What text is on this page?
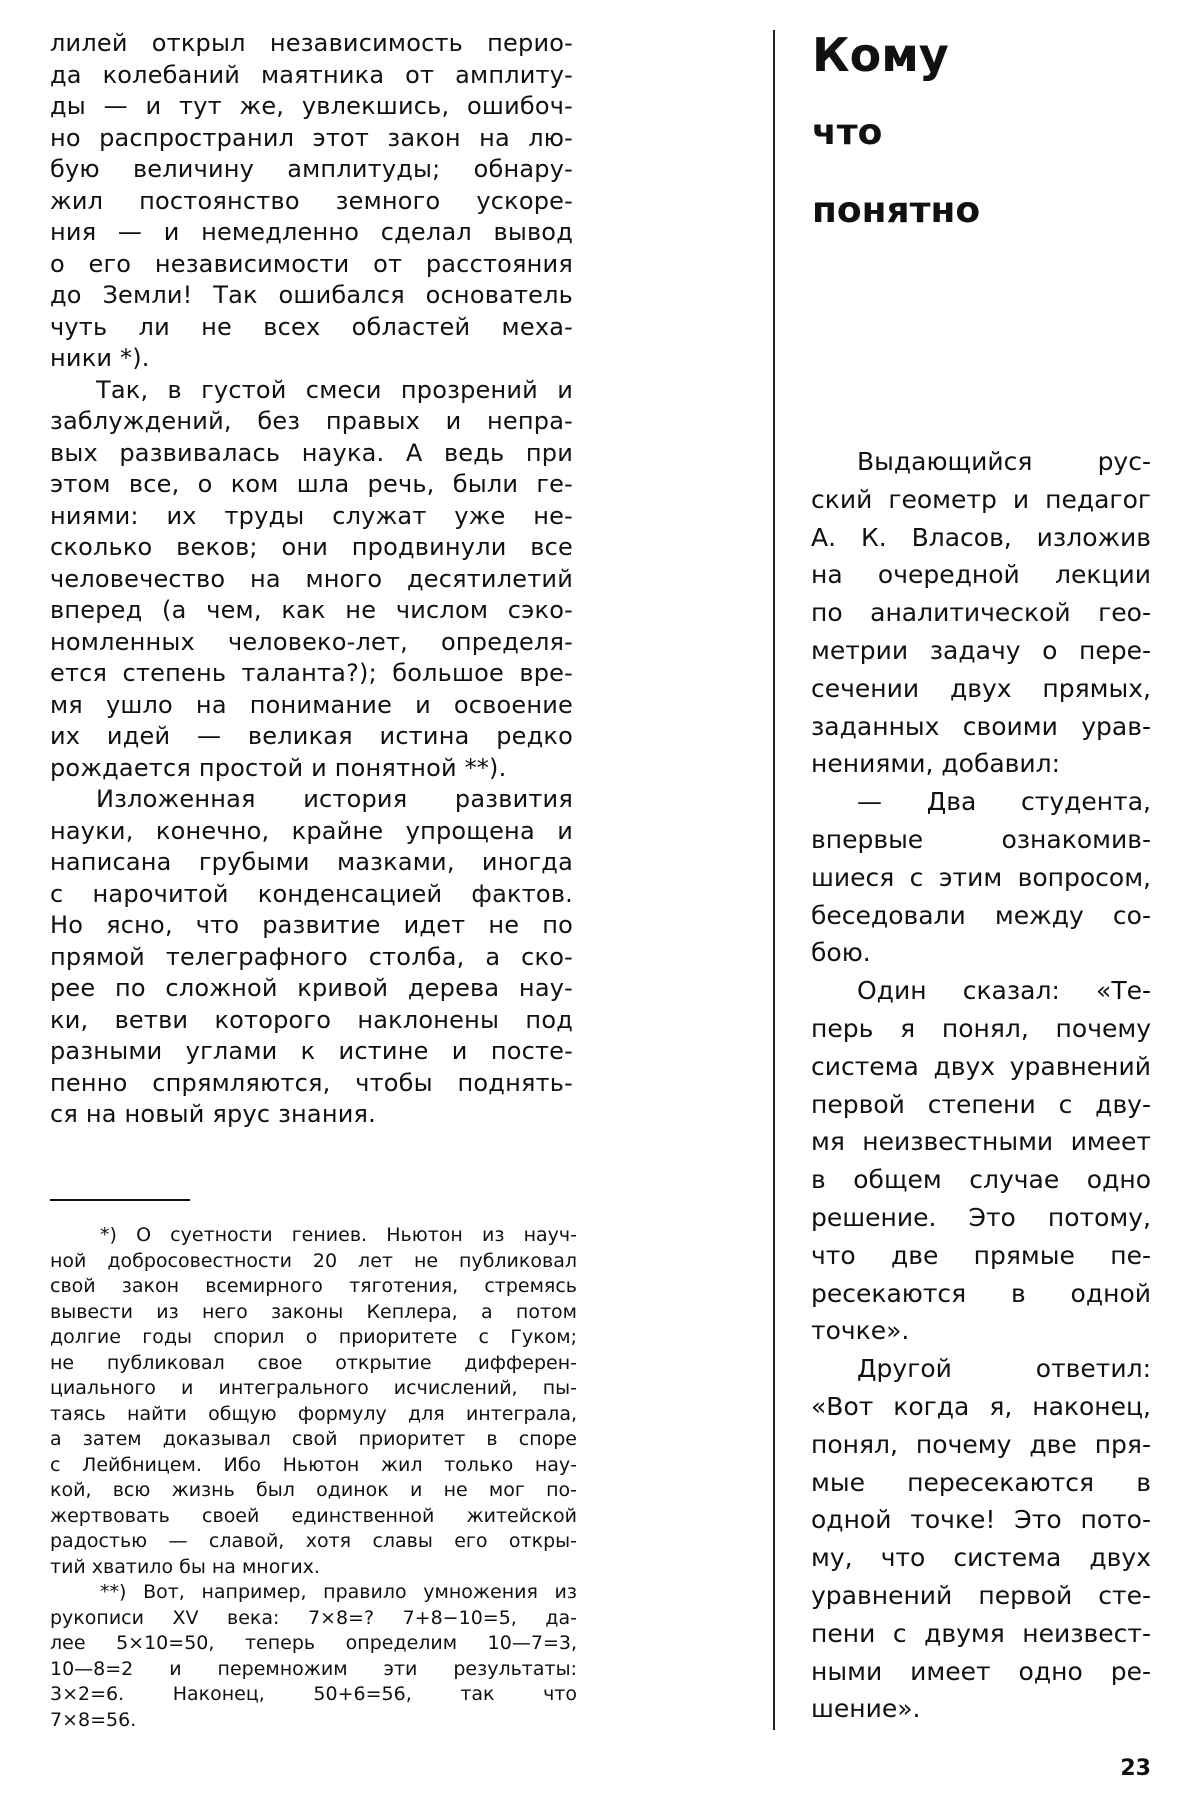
лилей открыл независимость перио-
да колебаний маятника от амплиту-
ды — и тут же, увлекшись, ошибоч-
но распространил этот закон на лю-
бую величину амплитуды; обнару-
жил постоянство земного ускоре-
ния — и немедленно сделал вывод
о его независимости от расстояния
до Земли! Так ошибался основатель
чуть ли не всех областей меха-
ники *).
Так, в густой смеси прозрений и
заблуждений, без правых и непра-
вых развивалась наука. А ведь при
этом все, о ком шла речь, были ге-
ниями: их труды служат уже не-
сколько веков; они продвинули все
человечество на много десятилетий
вперед (а чем, как не числом сэко-
номленных человеко-лет, определя-
ется степень таланта?); большое вре-
мя ушло на понимание и освоение
их идей — великая истина редко
рождается простой и понятной **).
Изложенная история развития
науки, конечно, крайне упрощена и
написана грубыми мазками, иногда
с нарочитой конденсацией фактов.
Но ясно, что развитие идет не по
прямой телеграфного столба, а ско-
рее по сложной кривой дерева нау-
ки, ветви которого наклонены под
разными углами к истине и посте-
пенно спрямляются, чтобы поднять-
ся на новый ярус знания.
*) О суетности гениев. Ньютон из науч-
ной добросовестности 20 лет не публиковал
свой закон всемирного тяготения, стремясь
вывести из него законы Кеплера, а потом
долгие годы спорил о приоритете с Гуком;
не публиковал свое открытие дифферен-
циального и интегрального исчислений, пы-
таясь найти общую формулу для интеграла,
а затем доказывал свой приоритет в споре
с Лейбницем. Ибо Ньютон жил только нау-
кой, всю жизнь был одинок и не мог по-
жертвовать своей единственной житейской
радостью — славой, хотя славы его откры-
тий хватило бы на многих.
**) Вот, например, правило умножения из
рукописи XV века: 7×8=? 7+8−10=5, да-
лее 5×10=50, теперь определим 10—7=3,
10—8=2 и перемножим эти результаты:
3×2=6. Наконец, 50+6=56, так что
7×8=56.
Кому
что
понятно
Выдающийся рус-
ский геометр и педагог
А. К. Власов, изложив
на очередной лекции
по аналитической гео-
метрии задачу о пере-
сечении двух прямых,
заданных своими урав-
нениями, добавил:
— Два студента,
впервые ознакомив-
шиеся с этим вопросом,
беседовали между со-
бою.
Один сказал: «Те-
перь я понял, почему
система двух уравнений
первой степени с дву-
мя неизвестными имеет
в общем случае одно
решение. Это потому,
что две прямые пе-
ресекаются в одной
точке».
Другой ответил:
«Вот когда я, наконец,
понял, почему две пря-
мые пересекаются в
одной точке! Это пото-
му, что система двух
уравнений первой сте-
пени с двумя неизвест-
ными имеет одно ре-
шение».
23
